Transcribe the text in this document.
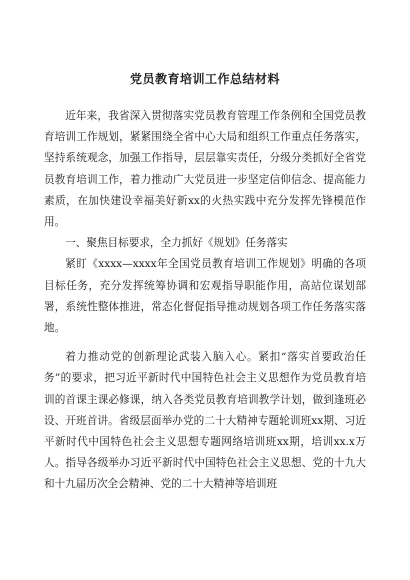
党员教育培训工作总结材料

近年来，我省深入贯彻落实党员教育管理工作条例和全国党员教育培训工作规划，紧紧围绕全省中心大局和组织工作重点任务落实，坚持系统观念，加强工作指导，层层靠实责任，分级分类抓好全省党员教育培训工作，着力推动广大党员进一步坚定信仰信念、提高能力素质，在加快建设幸福美好新xx的火热实践中充分发挥先锋模范作用。

一、聚焦目标要求，全力抓好《规划》任务落实

紧盯《xxxx—xxxx年全国党员教育培训工作规划》明确的各项目标任务，充分发挥统筹协调和宏观指导职能作用，高站位谋划部署，系统性整体推进，常态化督促指导推动规划各项工作任务落实落地。

着力推动党的创新理论武装入脑入心。紧扣“落实首要政治任务”的要求，把习近平新时代中国特色社会主义思想作为党员教育培训的首课主课必修课，纳入各类党员教育培训教学计划，做到逢班必设、开班首讲。省级层面举办党的二十大精神专题轮训班xx期、习近平新时代中国特色社会主义思想专题网络培训班xx期，培训xx.x万人。指导各级举办习近平新时代中国特色社会主义思想、党的十九大和十九届历次全会精神、党的二十大精神等培训班
